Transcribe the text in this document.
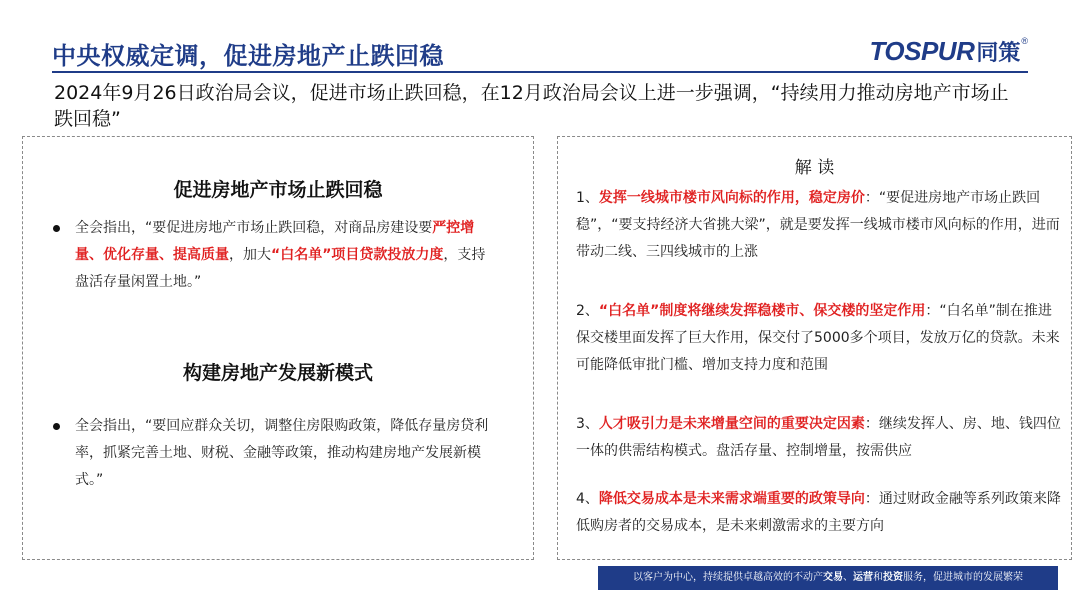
中央权威定调，促进房地产止跌回稳	TOSPUR 同策 ®
2024年9月26日政治局会议，促进市场止跌回稳，在12月政治局会议上进一步强调，“持续用力推动房地产市场止跌回稳”
促进房地产市场止跌回稳
全会指出，“要促进房地产市场止跌回稳，对商品房建设要严控增量、优化存量、提高质量，加大“白名单”项目贷款投放力度，支持盘活存量闲置土地。”
构建房地产发展新模式
全会指出，“要回应群众关切，调整住房限购政策，降低存量房贷利率，抓紧完善土地、财税、金融等政策，推动构建房地产发展新模式。”
解 读
1、发挥一线城市楼市风向标的作用，稳定房价：“要促进房地产市场止跌回稳”，“要支持经济大省挑大梁”，就是要发挥一线城市楼市风向标的作用，进而带动二线、三四线城市的上涨
2、“白名单”制度将继续发挥稳楼市、保交楼的坚定作用：“白名单”制在推进保交楼里面发挥了巨大作用，保交付了5000多个项目，发放万亿的贷款。未来可能降低审批门槛、增加支持力度和范围
3、人才吸引力是未来增量空间的重要决定因素：继续发挥人、房、地、钱四位一体的供需结构模式。盘活存量、控制增量，按需供应
4、降低交易成本是未来需求端重要的政策导向：通过财政金融等系列政策来降低购房者的交易成本，是未来刺激需求的主要方向
以客户为中心，持续提供卓越高效的不动产交易、运营和投资服务，促进城市的发展繁荣
